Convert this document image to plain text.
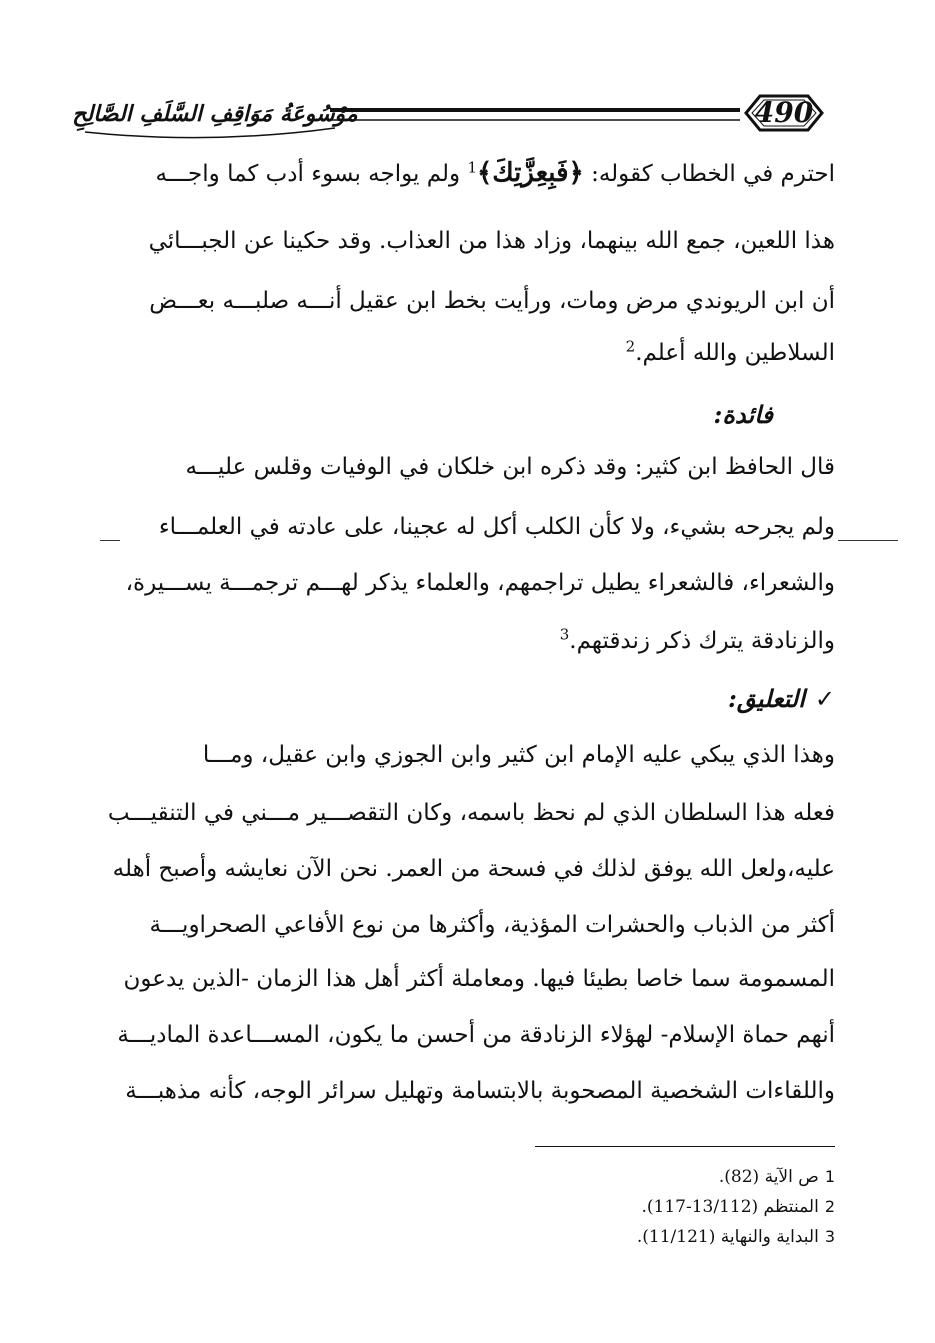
490
مَوْسُوعَةُ مَوَاقِفِ السَّلَفِ الصَّالِحِ
احترم في الخطاب كقوله: ﴿فَبِعِزَّتِكَ﴾$^1$ ولم يواجه بسوء أدب كما واجـــه
هذا اللعين، جمع الله بينهما، وزاد هذا من العذاب. وقد حكينا عن الجبـــائي
أن ابن الريوندي مرض ومات، ورأيت بخط ابن عقيل أنـــه صلبـــه بعـــض
السلاطين والله أعلم.$^2$
قال الحافظ ابن كثير: وقد ذكره ابن خلكان في الوفيات وقلس عليـــه
ولم يجرحه بشيء، ولا كأن الكلب أكل له عجينا، على عادته في العلمـــاء
والشعراء، فالشعراء يطيل تراجمهم، والعلماء يذكر لهـــم ترجمـــة يســـيرة،
والزنادقة يترك ذكر زندقتهم.$^3$
وهذا الذي يبكي عليه الإمام ابن كثير وابن الجوزي وابن عقيل، ومـــا
فعله هذا السلطان الذي لم نحظ باسمه، وكان التقصـــير مـــني في التنقيـــب
عليه،ولعل الله يوفق لذلك في فسحة من العمر. نحن الآن نعايشه وأصبح أهله
أكثر من الذباب والحشرات المؤذية، وأكثرها من نوع الأفاعي الصحراويـــة
المسمومة سما خاصا بطيئا فيها. ومعاملة أكثر أهل هذا الزمان -الذين يدعون
أنهم حماة الإسلام- لهؤلاء الزنادقة من أحسن ما يكون، المســـاعدة الماديـــة
واللقاءات الشخصية المصحوبة بالابتسامة وتهليل سرائر الوجه، كأنه مذهبـــة
فائدة:
✓التعليق:
1ص الآية (82).
2المنتظم (13/112-117).
3البداية والنهاية (11/121).
